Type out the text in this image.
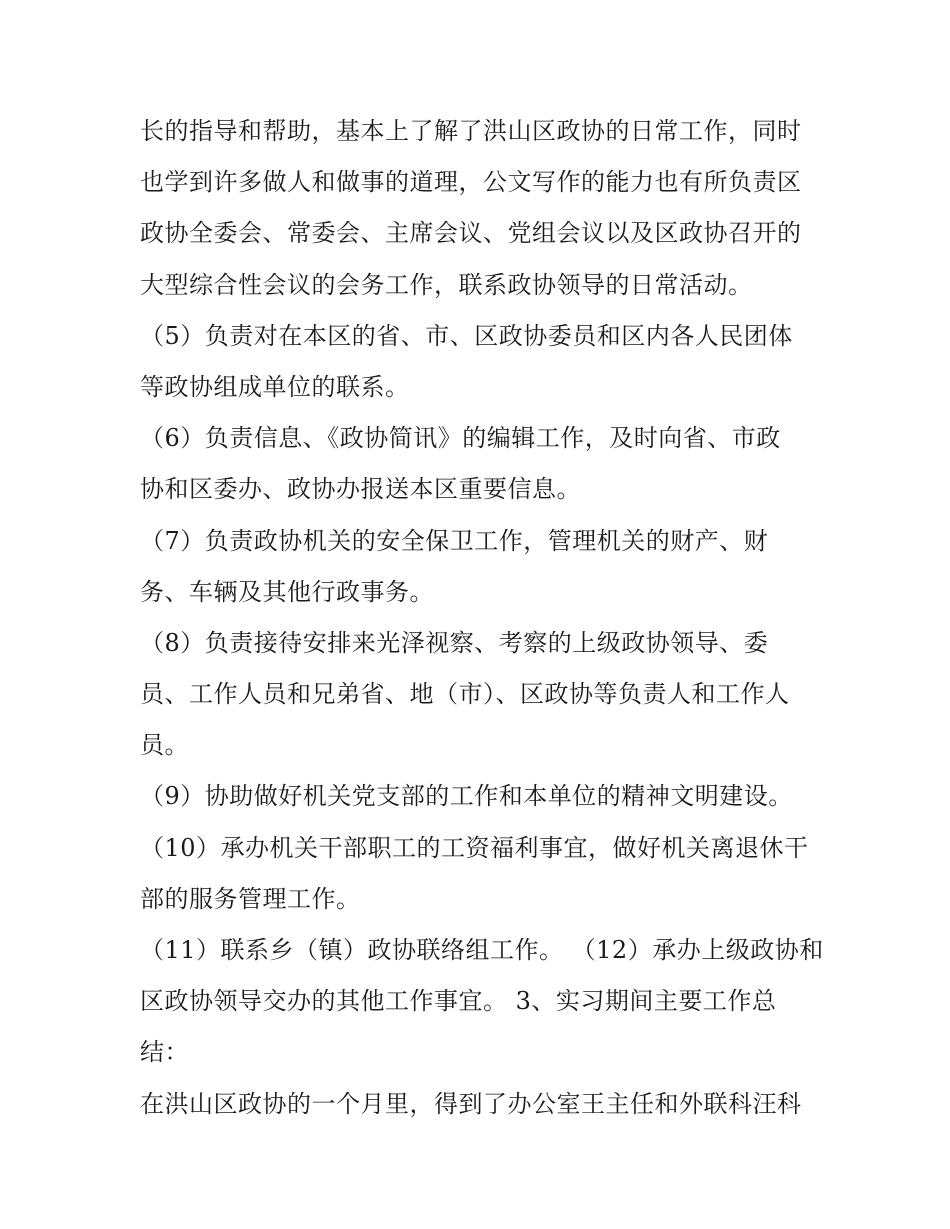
长的指导和帮助，基本上了解了洪山区政协的日常工作，同时
也学到许多做人和做事的道理，公文写作的能力也有所负责区
政协全委会、常委会、主席会议、党组会议以及区政协召开的
大型综合性会议的会务工作，联系政协领导的日常活动。
（5）负责对在本区的省、市、区政协委员和区内各人民团体
等政协组成单位的联系。
（6）负责信息、《政协简讯》的编辑工作，及时向省、市政
协和区委办、政协办报送本区重要信息。
（7）负责政协机关的安全保卫工作，管理机关的财产、财
务、车辆及其他行政事务。
（8）负责接待安排来光泽视察、考察的上级政协领导、委
员、工作人员和兄弟省、地（市）、区政协等负责人和工作人
员。
（9）协助做好机关党支部的工作和本单位的精神文明建设。
（10）承办机关干部职工的工资福利事宜，做好机关离退休干
部的服务管理工作。
（11）联系乡（镇）政协联络组工作。 （12）承办上级政协和
区政协领导交办的其他工作事宜。 3、实习期间主要工作总
结：
在洪山区政协的一个月里，得到了办公室王主任和外联科汪科
